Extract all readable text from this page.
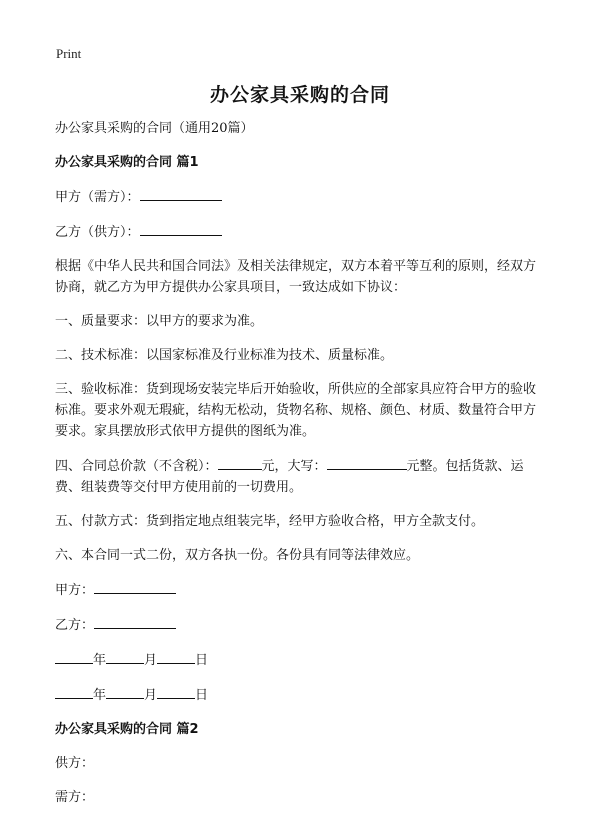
Print
办公家具采购的合同

办公家具采购的合同（通用20篇）

办公家具采购的合同 篇1

甲方（需方）：

乙方（供方）：

根据《中华人民共和国合同法》及相关法律规定，双方本着平等互利的原则，经双方协商，就乙方为甲方提供办公家具项目，一致达成如下协议：

一、质量要求：以甲方的要求为准。

二、技术标准：以国家标准及行业标准为技术、质量标准。

三、验收标准：货到现场安装完毕后开始验收，所供应的全部家具应符合甲方的验收标准。要求外观无瑕疵，结构无松动，货物名称、规格、颜色、材质、数量符合甲方要求。家具摆放形式依甲方提供的图纸为准。

四、合同总价款（不含税）：	元，大写：	元整。包括货款、运费、组装费等交付甲方使用前的一切费用。

五、付款方式：货到指定地点组装完毕，经甲方验收合格，甲方全款支付。

六、本合同一式二份，双方各执一份。各份具有同等法律效应。

甲方：

乙方：

年	月	日

年	月	日

办公家具采购的合同 篇2

供方：

需方：
